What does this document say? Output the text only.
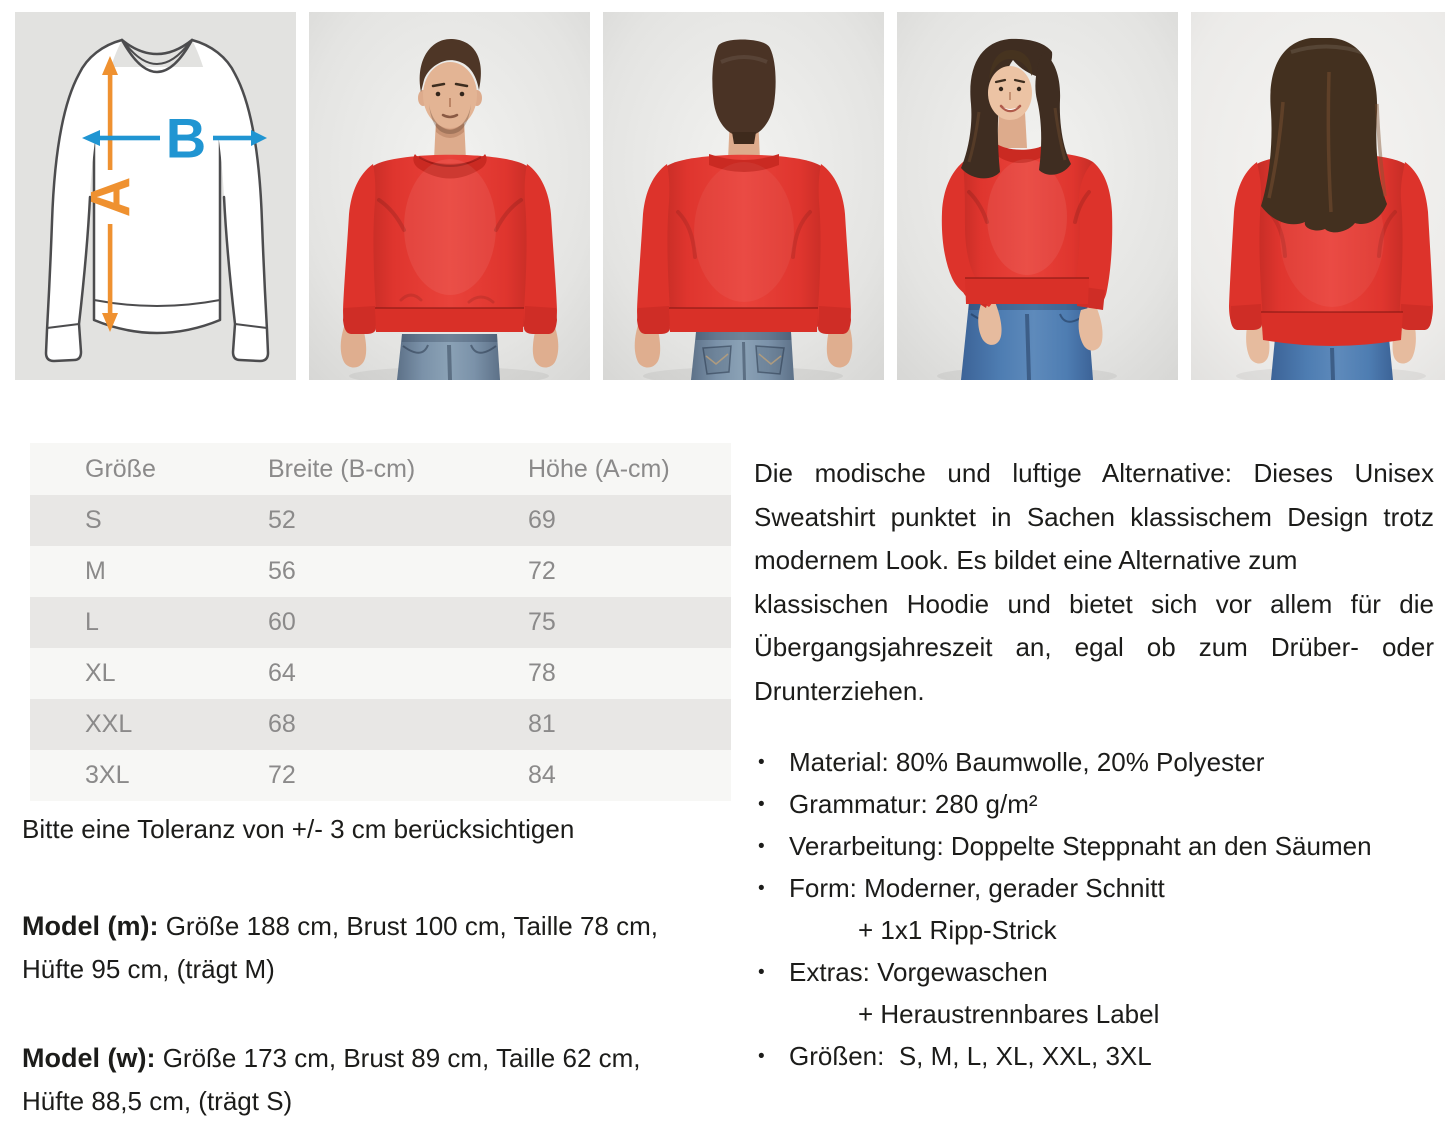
A
B
Größe	Breite (B-cm)	Höhe (A-cm)
S	52	69
M	56	72
L	60	75
XL	64	78
XXL	68	81
3XL	72	84
Bitte eine Toleranz von +/- 3 cm berücksichtigen

Model (m): Größe 188 cm, Brust 100 cm, Taille 78 cm, Hüfte 95 cm, (trägt M)

Model (w): Größe 173 cm, Brust 89 cm, Taille 62 cm, Hüfte 88,5 cm, (trägt S)

Die modische und luftige Alternative: Dieses Unisex
Sweatshirt punktet in Sachen klassischem Design trotz
modernem Look. Es bildet eine Alternative zum
klassischen Hoodie und bietet sich vor allem für die
Übergangsjahreszeit an, egal ob zum Drüber- oder
Drunterziehen.
• Material: 80% Baumwolle, 20% Polyester
• Grammatur: 280 g/m²
• Verarbeitung: Doppelte Steppnaht an den Säumen
• Form: Moderner, gerader Schnitt
+ 1x1 Ripp-Strick
• Extras: Vorgewaschen
+ Heraustrennbares Label
• Größen:  S, M, L, XL, XXL, 3XL
